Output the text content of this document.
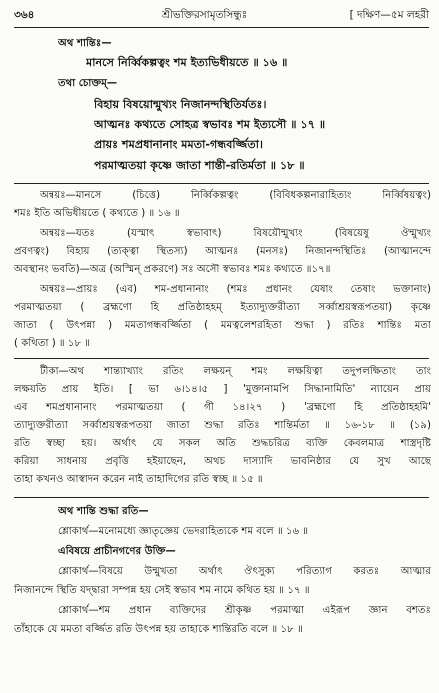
৩৬৪	শ্রীভক্তিরসামৃতসিন্ধুঃ	[ দক্ষিণ—৫ম লহরী
অথ শান্তিঃ—
মানসে নির্ব্বিকল্পত্বং শম ইত্যভিধীয়তে ॥ ১৬ ॥
তথা চোক্তম্‌—
বিহায় বিষয়োন্মুখ্যং নিজানন্দস্থিতির্যতঃ।
আত্মনঃ কথ্যতে সোহত্র স্বভাবঃ শম ইত্যসৌ ॥ ১৭ ॥
প্রায়ঃ শমপ্রধানানাং মমতা-গন্ধবর্জ্জিতা।
পরমাত্মতয়া কৃষ্ণে জাতা শান্তী-রতির্মতা ॥ ১৮ ॥
অন্বয়ঃ—মানসে (চিত্তে) নির্ব্বিকল্পত্বং (বিবিধকল্পনারাহিত্যং নির্ব্বিষয়ত্বং)
শমঃ ইতি অভিধীয়তে ( কথ্যতে ) ॥ ১৬ ॥
অন্বয়ঃ—যতঃ (যস্মাৎ স্বভাবাৎ) বিষয়ৌন্মুখ্যং (বিষয়েষু ঔন্মুখ্যং
প্রবণত্বং) বিহায় (ত্যক্ত্বা স্থিতস্য) আত্মনঃ (মনসঃ) নিজানন্দস্থিতিঃ (আত্মানন্দে
অবস্থানং ভবতি)—অত্র (অস্মিন্‌ প্রকরণে) সঃ অসৌ স্বভাবঃ শমঃ কথ্যতে ॥১৭॥
অন্বয়ঃ—প্রায়ঃ (এব) শম-প্রধানানাং (শমঃ প্রধানং যেষাং তেষাং ভক্তানাং)
পরমাত্মতয়া ( ব্রহ্মণো হি প্রতিষ্ঠাহহম্‌ ইত্যাদ্যুক্তরীত্যা সর্ব্বাশ্রয়স্বরূপতয়া) কৃষ্ণে
জাতা ( উৎপন্না ) মমতাগন্ধবর্জ্জিতা ( মমত্বলেশরহিতা শুদ্ধা ) রতিঃ শান্তিঃ মতা
( কথিতা ) ॥ ১৮ ॥
টীকা—অথ শান্ত্যাখ্যাং রতিং লক্ষয়ন্‌ শমং লক্ষয়িত্বা তদুপলক্ষিতাং তাং
লক্ষয়তি প্রায় ইতি। [ ভা ৬।১৪।৫ ] 'মুক্তানামপি সিদ্ধানামিতি' ন্যায়েন প্রায়
এব শমপ্রধানানাং পরমাত্মতয়া ( গী ১৪।২৭ ) 'ব্রহ্মণো হি প্রতিষ্ঠাহহমি'
ত্যাদ্যুক্তরীত্যা সর্ব্বাশ্রয়স্বরূপতয়া জাতা শুদ্ধা রতিঃ শান্তির্মতা ॥ ১৬-১৮ ॥ (১৯)
রতি স্বচ্ছা হয়। অর্থাৎ যে সকল অতি শুদ্ধচরিত্র ব্যক্তি কেবলমাত্র শাস্ত্রদৃষ্টি
করিয়া সাধনায় প্রবৃত্তি হইয়াছেন, অথচ দাস্যাদি ভাবনিষ্ঠার যে সুখ আছে
তাহা কখনও আস্বাদন করেন নাই তাহাদিগের রতি স্বচ্ছ ॥ ১৫ ॥
অথ শান্তি শুদ্ধা রতি—
শ্লোকার্থ—মনোমধ্যে জ্ঞাতৃজ্ঞেয় ভেদরাহিত্যকে শম বলে ॥ ১৬ ॥
এবিষয়ে প্রাচীনগণের উক্তি—
শ্লোকার্থ—বিষয়ে উন্মুখতা অর্থাৎ ঔৎসুক্য পরিত্যাগ করতঃ আত্মার
নিজানন্দে স্থিতি যদ্দ্বারা সম্পন্ন হয় সেই স্বভাব শম নামে কথিত হয় ॥ ১৭ ॥
শ্লোকার্থ—শম প্রধান ব্যক্তিদের শ্রীকৃষ্ণ পরমাত্মা এইরূপ জ্ঞান বশতঃ
তাঁহাকে যে মমতা বর্জ্জিত রতি উৎপন্ন হয় তাহাকে শান্তিরতি বলে ॥ ১৮ ॥
